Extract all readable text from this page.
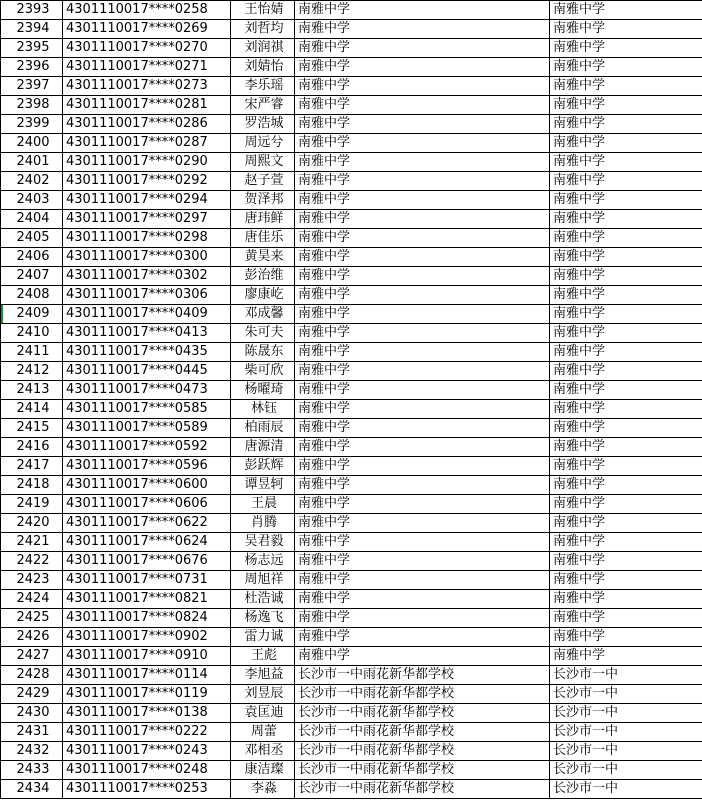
2393	4301110017****0258	王怡婧	南雅中学	南雅中学
2394	4301110017****0269	刘哲均	南雅中学	南雅中学
2395	4301110017****0270	刘润祺	南雅中学	南雅中学
2396	4301110017****0271	刘婧怡	南雅中学	南雅中学
2397	4301110017****0273	李乐瑶	南雅中学	南雅中学
2398	4301110017****0281	宋严睿	南雅中学	南雅中学
2399	4301110017****0286	罗浩城	南雅中学	南雅中学
2400	4301110017****0287	周远兮	南雅中学	南雅中学
2401	4301110017****0290	周熙文	南雅中学	南雅中学
2402	4301110017****0292	赵子萱	南雅中学	南雅中学
2403	4301110017****0294	贺泽邦	南雅中学	南雅中学
2404	4301110017****0297	唐玮鲜	南雅中学	南雅中学
2405	4301110017****0298	唐佳乐	南雅中学	南雅中学
2406	4301110017****0300	黄昊来	南雅中学	南雅中学
2407	4301110017****0302	彭治维	南雅中学	南雅中学
2408	4301110017****0306	廖康屹	南雅中学	南雅中学
2409	4301110017****0409	邓成馨	南雅中学	南雅中学
2410	4301110017****0413	朱可夫	南雅中学	南雅中学
2411	4301110017****0435	陈晟东	南雅中学	南雅中学
2412	4301110017****0445	柴可欣	南雅中学	南雅中学
2413	4301110017****0473	杨曜琦	南雅中学	南雅中学
2414	4301110017****0585	林钰	南雅中学	南雅中学
2415	4301110017****0589	柏雨辰	南雅中学	南雅中学
2416	4301110017****0592	唐源清	南雅中学	南雅中学
2417	4301110017****0596	彭跃辉	南雅中学	南雅中学
2418	4301110017****0600	谭昱轲	南雅中学	南雅中学
2419	4301110017****0606	王晨	南雅中学	南雅中学
2420	4301110017****0622	肖腾	南雅中学	南雅中学
2421	4301110017****0624	吴君毅	南雅中学	南雅中学
2422	4301110017****0676	杨志远	南雅中学	南雅中学
2423	4301110017****0731	周旭祥	南雅中学	南雅中学
2424	4301110017****0821	杜浩诚	南雅中学	南雅中学
2425	4301110017****0824	杨逸飞	南雅中学	南雅中学
2426	4301110017****0902	雷力诚	南雅中学	南雅中学
2427	4301110017****0910	王彪	南雅中学	南雅中学
2428	4301110017****0114	李旭益	长沙市一中雨花新华都学校	长沙市一中
2429	4301110017****0119	刘昱辰	长沙市一中雨花新华都学校	长沙市一中
2430	4301110017****0138	袁匡迪	长沙市一中雨花新华都学校	长沙市一中
2431	4301110017****0222	周蕾	长沙市一中雨花新华都学校	长沙市一中
2432	4301110017****0243	邓相丞	长沙市一中雨花新华都学校	长沙市一中
2433	4301110017****0248	康洁璨	长沙市一中雨花新华都学校	长沙市一中
2434	4301110017****0253	李淼	长沙市一中雨花新华都学校	长沙市一中
